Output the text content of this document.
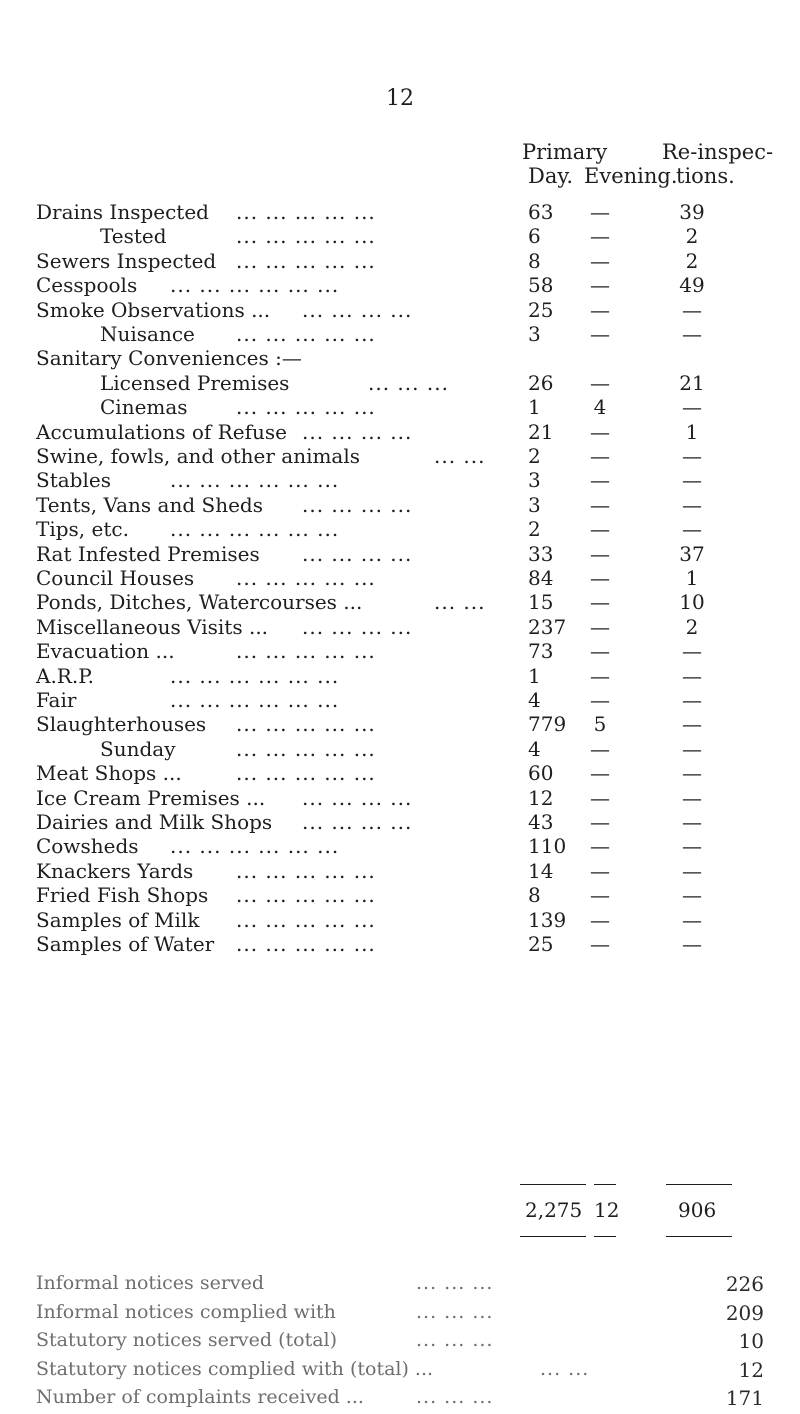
12
Primary
Day. Evening.
Re-inspec-
tions.
Drains Inspected ... ... ... ... ...	63	—	39
Tested	... ... ... ... ...	6	—	2
Sewers Inspected ... ... ... ... ...	8	—	2
Cesspools ... ... ... ... ... ...	58	—	49
Smoke Observations ... ... ... ... ...	25	—	—
Nuisance ... ... ... ... ...	3	—	—
Sanitary Conveniences :—
Licensed Premises	... ... ...	26	—	21
Cinemas ... ... ... ... ...	1	4	—
Accumulations of Refuse ... ... ... ...	21	—	1
Swine, fowls, and other animals	... ... 2	—	—
Stables	... ... ... ... ... ...	3	—	—
Tents, Vans and Sheds ... ... ... ...	3	—	—
Tips, etc. ... ... ... ... ... ...	2	—	—
Rat Infested Premises ... ... ... ...	33	—	37
Council Houses ... ... ... ... ...	84	—	1
Ponds, Ditches, Watercourses ...	... ... 15	—	10
Miscellaneous Visits ... ... ... ... ...	237	—	2
Evacuation ...	... ... ... ... ...	73	—	—
A.R.P.	... ... ... ... ... ...	1	—	—
Fair	... ... ... ... ... ...	4	—	—
Slaughterhouses ... ... ... ... ...	779	5	—
Sunday	... ... ... ... ...	4	—	—
Meat Shops ...	... ... ... ... ...	60	—	—
Ice Cream Premises ... ... ... ... ...	12	—	—
Dairies and Milk Shops ... ... ... ...	43	—	—
Cowsheds ... ... ... ... ... ...	110	—	—
Knackers Yards ... ... ... ... ...	14	—	—
Fried Fish Shops ... ... ... ... ...	8	—	—
Samples of Milk ... ... ... ... ...	139	—	—
Samples of Water ... ... ... ... ...	25	—	—
2,275 12	906
Informal notices served	... ... ...	226
Informal notices complied with	... ... ...	209
Statutory notices served (total)	... ... ...	10
Statutory notices complied with (total) ...	... ...	12
Number of complaints received ...	... ... ...	171
